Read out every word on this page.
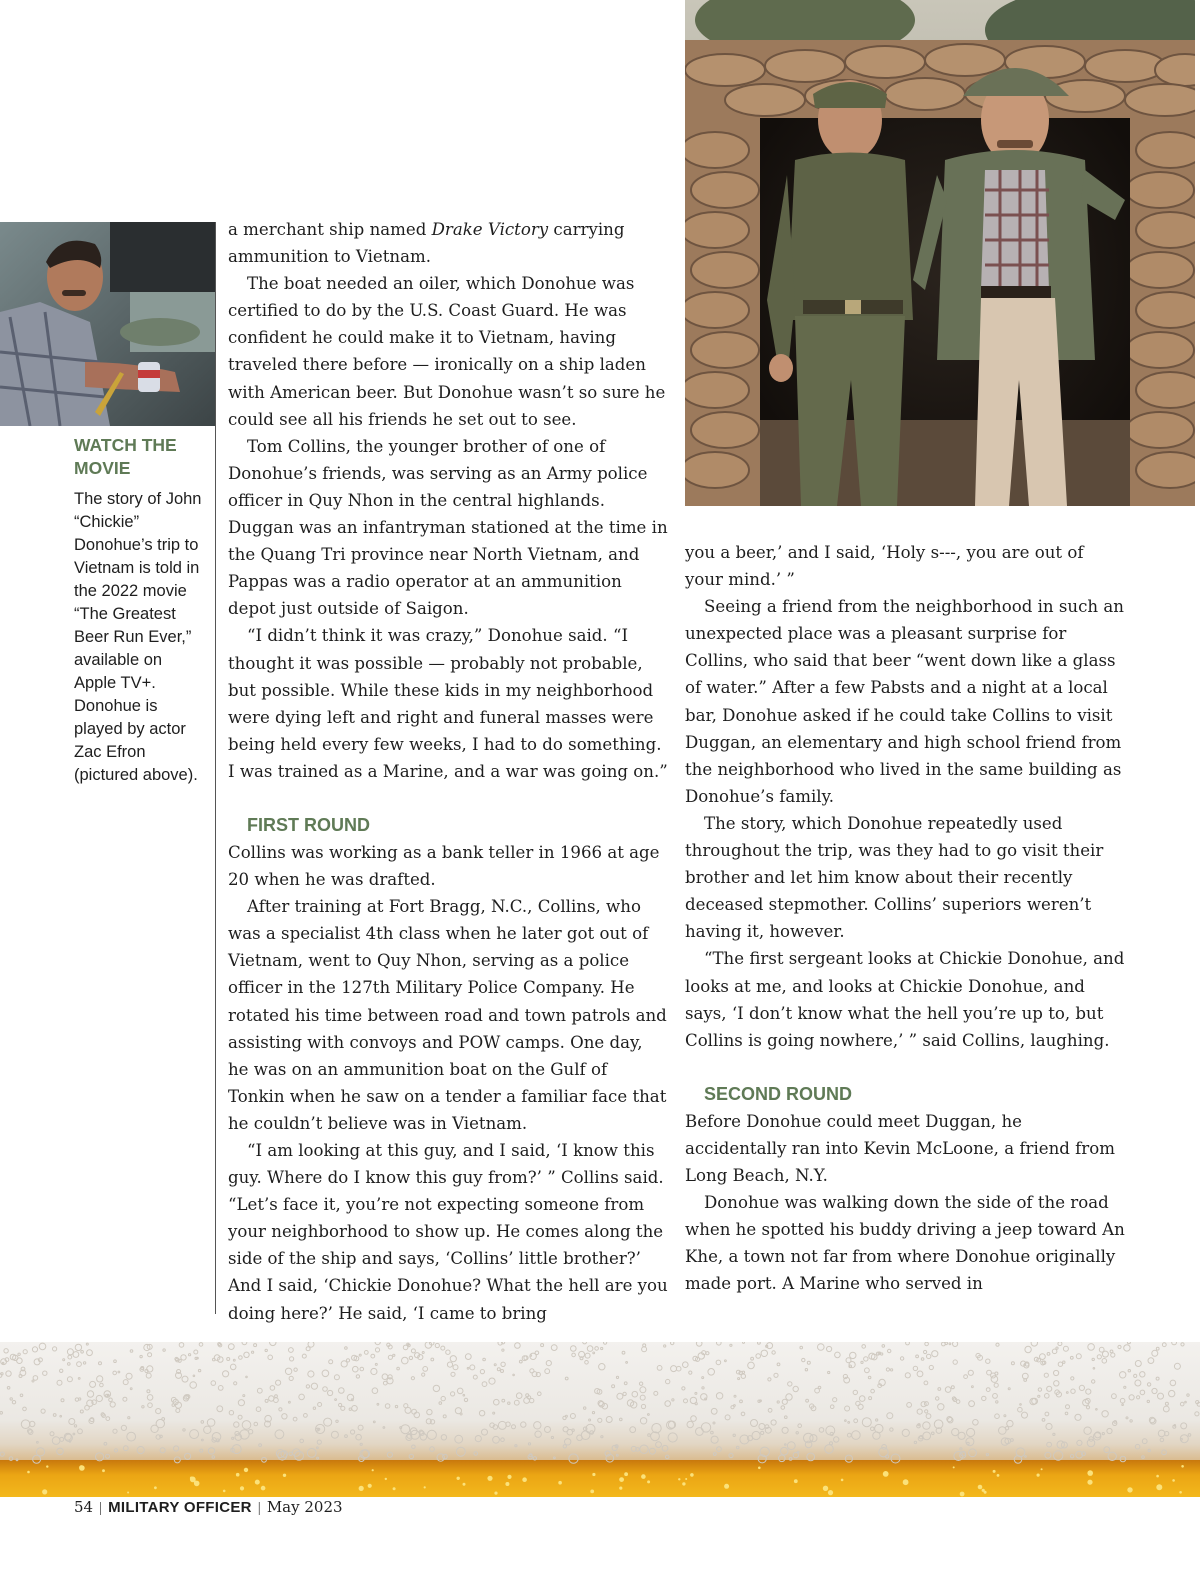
WATCH THE MOVIE

The story of John “Chickie” Donohue’s trip to Vietnam is told in the 2022 movie “The Greatest Beer Run Ever,” available on Apple TV+. Donohue is played by actor Zac Efron (pictured above).

a merchant ship named Drake Victory carrying ammunition to Vietnam.

The boat needed an oiler, which Donohue was certified to do by the U.S. Coast Guard. He was confident he could make it to Vietnam, having traveled there before — ironically on a ship laden with American beer. But Donohue wasn’t so sure he could see all his friends he set out to see.

Tom Collins, the younger brother of one of Donohue’s friends, was serving as an Army police officer in Quy Nhon in the central highlands. Duggan was an infantryman stationed at the time in the Quang Tri province near North Vietnam, and Pappas was a radio operator at an ammunition depot just outside of Saigon.

“I didn’t think it was crazy,” Donohue said. “I thought it was possible — probably not probable, but possible. While these kids in my neighborhood were dying left and right and funeral masses were being held every few weeks, I had to do something. I was trained as a Marine, and a war was going on.”

FIRST ROUND

Collins was working as a bank teller in 1966 at age 20 when he was drafted.

After training at Fort Bragg, N.C., Collins, who was a specialist 4th class when he later got out of Vietnam, went to Quy Nhon, serving as a police officer in the 127th Military Police Company. He rotated his time between road and town patrols and assisting with convoys and POW camps. One day, he was on an ammunition boat on the Gulf of Tonkin when he saw on a tender a familiar face that he couldn’t believe was in Vietnam.

“I am looking at this guy, and I said, ‘I know this guy. Where do I know this guy from?’ ” Collins said. “Let’s face it, you’re not expecting someone from your neighborhood to show up. He comes along the side of the ship and says, ‘Collins’ little brother?’ And I said, ‘Chickie Donohue? What the hell are you doing here?’ He said, ‘I came to bring

you a beer,’ and I said, ‘Holy s---, you are out of your mind.’ ”

Seeing a friend from the neighborhood in such an unexpected place was a pleasant surprise for Collins, who said that beer “went down like a glass of water.” After a few Pabsts and a night at a local bar, Donohue asked if he could take Collins to visit Duggan, an elementary and high school friend from the neighborhood who lived in the same building as Donohue’s family.

The story, which Donohue repeatedly used throughout the trip, was they had to go visit their brother and let him know about their recently deceased stepmother. Collins’ superiors weren’t having it, however.

“The first sergeant looks at Chickie Donohue, and looks at me, and looks at Chickie Donohue, and says, ‘I don’t know what the hell you’re up to, but Collins is going nowhere,’ ” said Collins, laughing.

SECOND ROUND

Before Donohue could meet Duggan, he accidentally ran into Kevin McLoone, a friend from Long Beach, N.Y.

Donohue was walking down the side of the road when he spotted his buddy driving a jeep toward An Khe, a town not far from where Donohue originally made port. A Marine who served in

54 | MILITARY OFFICER | May 2023
